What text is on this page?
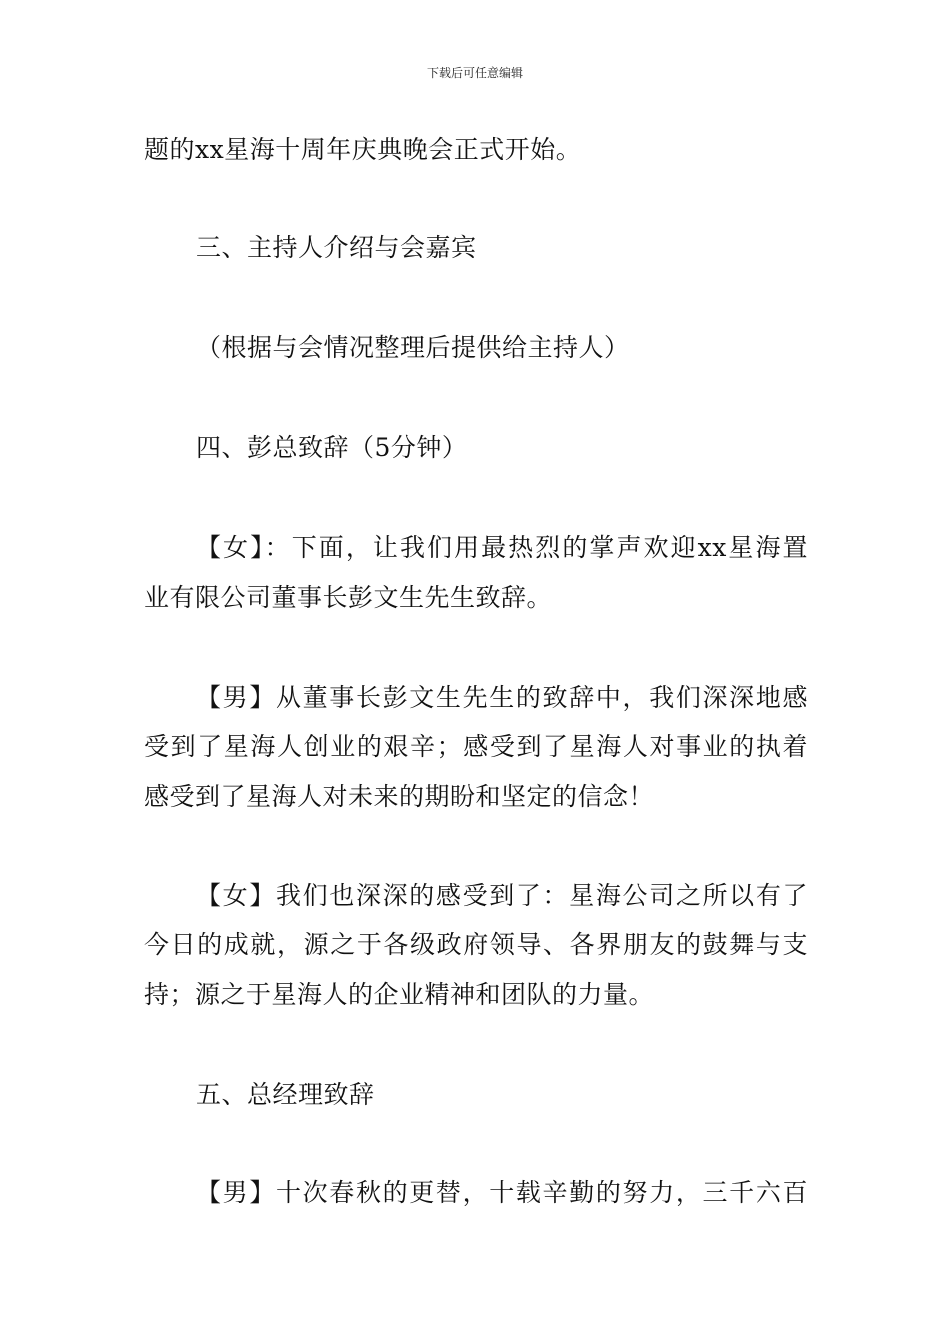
下载后可任意编辑
题的xx星海十周年庆典晚会正式开始。
三、主持人介绍与会嘉宾
（根据与会情况整理后提供给主持人）
四、彭总致辞（5分钟）
【女】：下面，让我们用最热烈的掌声欢迎xx星海置
业有限公司董事长彭文生先生致辞。
【男】从董事长彭文生先生的致辞中，我们深深地感
受到了星海人创业的艰辛；感受到了星海人对事业的执着
感受到了星海人对未来的期盼和坚定的信念！
【女】我们也深深的感受到了：星海公司之所以有了
今日的成就，源之于各级政府领导、各界朋友的鼓舞与支
持；源之于星海人的企业精神和团队的力量。
五、总经理致辞
【男】十次春秋的更替，十载辛勤的努力，三千六百
